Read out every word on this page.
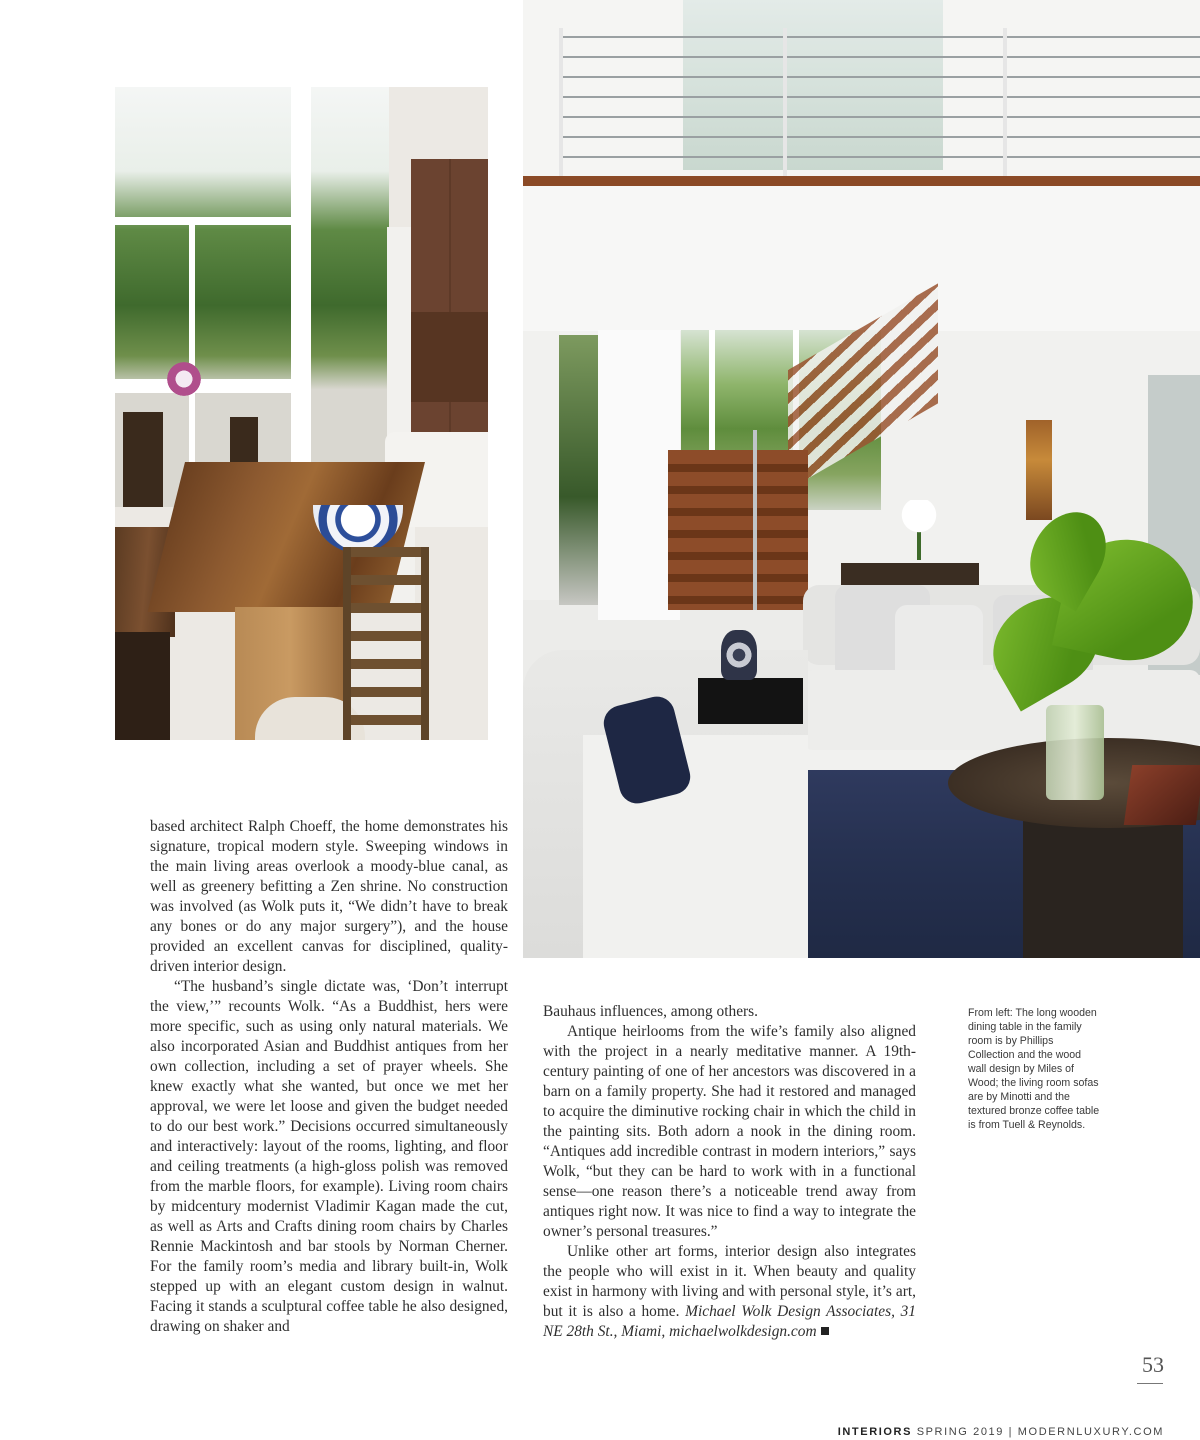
based architect Ralph Choeff, the home demonstrates his signature, tropical modern style. Sweeping windows in the main living areas overlook a moody-blue canal, as well as greenery befitting a Zen shrine. No construction was involved (as Wolk puts it, “We didn’t have to break any bones or do any major surgery”), and the house provided an excellent canvas for disciplined, quality-driven interior design.

“The husband’s single dictate was, ‘Don’t interrupt the view,’” recounts Wolk. “As a Buddhist, hers were more specific, such as using only natural materials. We also incorporated Asian and Buddhist antiques from her own collection, including a set of prayer wheels. She knew exactly what she wanted, but once we met her approval, we were let loose and given the budget needed to do our best work.” Decisions occurred simultaneously and interactively: layout of the rooms, lighting, and floor and ceiling treatments (a high-gloss polish was removed from the marble floors, for example). Living room chairs by midcentury modernist Vladimir Kagan made the cut, as well as Arts and Crafts dining room chairs by Charles Rennie Mackintosh and bar stools by Norman Cherner. For the family room’s media and library built-in, Wolk stepped up with an elegant custom design in walnut. Facing it stands a sculptural coffee table he also designed, drawing on shaker and

Bauhaus influences, among others.

Antique heirlooms from the wife’s family also aligned with the project in a nearly meditative manner. A 19th-century painting of one of her ancestors was discovered in a barn on a family property. She had it restored and managed to acquire the diminutive rocking chair in which the child in the painting sits. Both adorn a nook in the dining room. “Antiques add incredible contrast in modern interiors,” says Wolk, “but they can be hard to work with in a functional sense—one reason there’s a noticeable trend away from antiques right now. It was nice to find a way to integrate the owner’s personal treasures.”

Unlike other art forms, interior design also integrates the people who will exist in it. When beauty and quality exist in harmony with living and with personal style, it’s art, but it is also a home. Michael Wolk Design Associates, 31 NE 28th St., Miami, michaelwolkdesign.com

From left: The long wooden dining table in the family room is by Phillips Collection and the wood wall design by Miles of Wood; the living room sofas are by Minotti and the textured bronze coffee table is from Tuell & Reynolds.
53
INTERIORS SPRING 2019 | MODERNLUXURY.COM
